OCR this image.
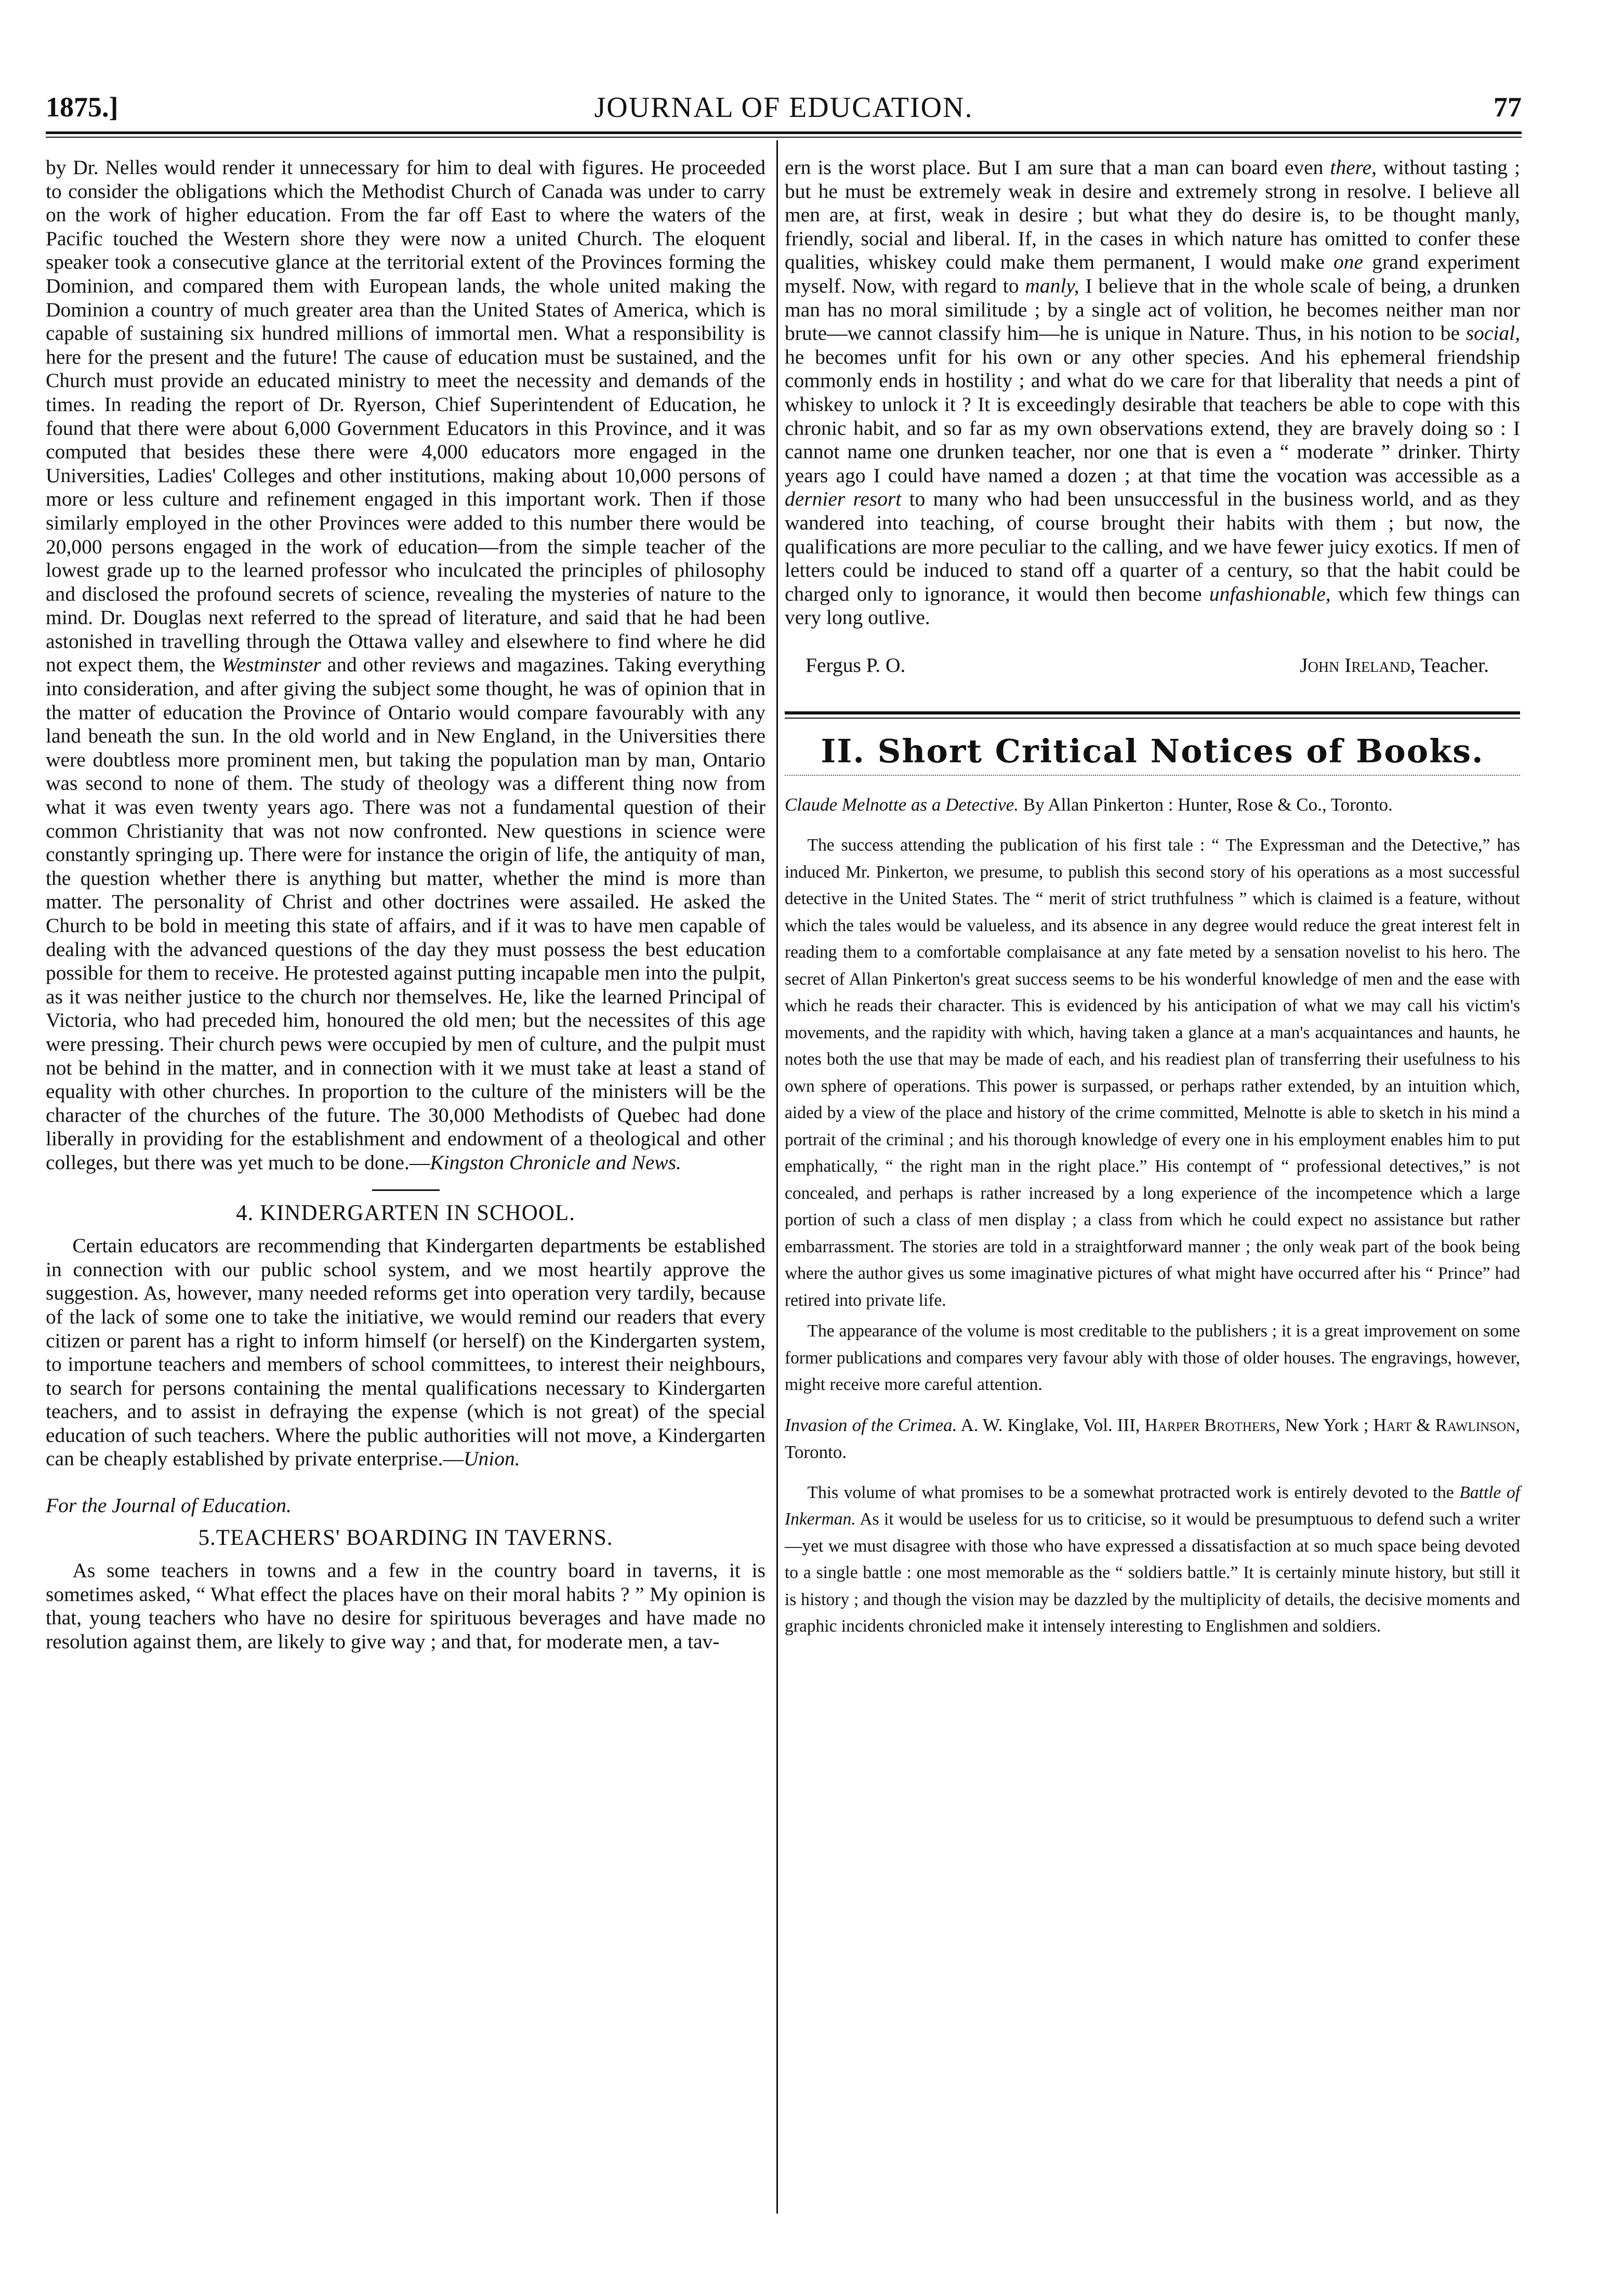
1875.]	JOURNAL OF EDUCATION.	77

by Dr. Nelles would render it unnecessary for him to deal with figures. He proceeded to consider the obligations which the Methodist Church of Canada was under to carry on the work of higher education. From the far off East to where the waters of the Pacific touched the Western shore they were now a united Church. The eloquent speaker took a consecutive glance at the territorial extent of the Provinces forming the Dominion, and compared them with European lands, the whole united making the Dominion a country of much greater area than the United States of America, which is capable of sustaining six hundred millions of immortal men. What a responsibility is here for the present and the future! The cause of education must be sustained, and the Church must provide an educated ministry to meet the necessity and demands of the times. In reading the report of Dr. Ryerson, Chief Superintendent of Education, he found that there were about 6,000 Government Educators in this Province, and it was computed that besides these there were 4,000 educators more engaged in the Universities, Ladies' Colleges and other institutions, making about 10,000 persons of more or less culture and refinement engaged in this important work. Then if those similarly employed in the other Provinces were added to this number there would be 20,000 persons engaged in the work of education—from the simple teacher of the lowest grade up to the learned professor who inculcated the principles of philosophy and disclosed the profound secrets of science, revealing the mysteries of nature to the mind. Dr. Douglas next referred to the spread of literature, and said that he had been astonished in travelling through the Ottawa valley and elsewhere to find where he did not expect them, the Westminster and other reviews and magazines. Taking everything into consideration, and after giving the subject some thought, he was of opinion that in the matter of education the Province of Ontario would compare favourably with any land beneath the sun. In the old world and in New England, in the Universities there were doubtless more prominent men, but taking the population man by man, Ontario was second to none of them. The study of theology was a different thing now from what it was even twenty years ago. There was not a fundamental question of their common Christianity that was not now confronted. New questions in science were constantly springing up. There were for instance the origin of life, the antiquity of man, the question whether there is anything but matter, whether the mind is more than matter. The personality of Christ and other doctrines were assailed. He asked the Church to be bold in meeting this state of affairs, and if it was to have men capable of dealing with the advanced questions of the day they must possess the best education possible for them to receive. He protested against putting incapable men into the pulpit, as it was neither justice to the church nor themselves. He, like the learned Principal of Victoria, who had preceded him, honoured the old men; but the necessites of this age were pressing. Their church pews were occupied by men of culture, and the pulpit must not be behind in the matter, and in connection with it we must take at least a stand of equality with other churches. In proportion to the culture of the ministers will be the character of the churches of the future. The 30,000 Methodists of Quebec had done liberally in providing for the establishment and endowment of a theological and other colleges, but there was yet much to be done.—Kingston Chronicle and News.

4. KINDERGARTEN IN SCHOOL.

Certain educators are recommending that Kindergarten departments be established in connection with our public school system, and we most heartily approve the suggestion. As, however, many needed reforms get into operation very tardily, because of the lack of some one to take the initiative, we would remind our readers that every citizen or parent has a right to inform himself (or herself) on the Kindergarten system, to importune teachers and members of school committees, to interest their neighbours, to search for persons containing the mental qualifications necessary to Kindergarten teachers, and to assist in defraying the expense (which is not great) of the special education of such teachers. Where the public authorities will not move, a Kindergarten can be cheaply established by private enterprise.—Union.

For the Journal of Education.
5.TEACHERS' BOARDING IN TAVERNS.

As some teachers in towns and a few in the country board in taverns, it is sometimes asked, “ What effect the places have on their moral habits ? ” My opinion is that, young teachers who have no desire for spirituous beverages and have made no resolution against them, are likely to give way ; and that, for moderate men, a tav-

ern is the worst place. But I am sure that a man can board even there, without tasting ; but he must be extremely weak in desire and extremely strong in resolve. I believe all men are, at first, weak in desire ; but what they do desire is, to be thought manly, friendly, social and liberal. If, in the cases in which nature has omitted to confer these qualities, whiskey could make them permanent, I would make one grand experiment myself. Now, with regard to manly, I believe that in the whole scale of being, a drunken man has no moral similitude ; by a single act of volition, he becomes neither man nor brute—we cannot classify him—he is unique in Nature. Thus, in his notion to be social, he becomes unfit for his own or any other species. And his ephemeral friendship commonly ends in hostility ; and what do we care for that liberality that needs a pint of whiskey to unlock it ? It is exceedingly desirable that teachers be able to cope with this chronic habit, and so far as my own observations extend, they are bravely doing so : I cannot name one drunken teacher, nor one that is even a “ moderate ” drinker. Thirty years ago I could have named a dozen ; at that time the vocation was accessible as a dernier resort to many who had been unsuccessful in the business world, and as they wandered into teaching, of course brought their habits with them ; but now, the qualifications are more peculiar to the calling, and we have fewer juicy exotics. If men of letters could be induced to stand off a quarter of a century, so that the habit could be charged only to ignorance, it would then become unfashionable, which few things can very long outlive.

Fergus P. O.	John Ireland, Teacher.
II. Short Critical Notices of Books.

Claude Melnotte as a Detective. By Allan Pinkerton : Hunter, Rose & Co., Toronto.

The success attending the publication of his first tale : “ The Expressman and the Detective,” has induced Mr. Pinkerton, we presume, to publish this second story of his operations as a most successful detective in the United States. The “ merit of strict truthfulness ” which is claimed is a feature, without which the tales would be valueless, and its absence in any degree would reduce the great interest felt in reading them to a comfortable complaisance at any fate meted by a sensation novelist to his hero. The secret of Allan Pinkerton's great success seems to be his wonderful knowledge of men and the ease with which he reads their character. This is evidenced by his anticipation of what we may call his victim's movements, and the rapidity with which, having taken a glance at a man's acquaintances and haunts, he notes both the use that may be made of each, and his readiest plan of transferring their usefulness to his own sphere of operations. This power is surpassed, or perhaps rather extended, by an intuition which, aided by a view of the place and history of the crime committed, Melnotte is able to sketch in his mind a portrait of the criminal ; and his thorough knowledge of every one in his employment enables him to put emphatically, “ the right man in the right place.” His contempt of “ professional detectives,” is not concealed, and perhaps is rather increased by a long experience of the incompetence which a large portion of such a class of men display ; a class from which he could expect no assistance but rather embarrassment. The stories are told in a straightforward manner ; the only weak part of the book being where the author gives us some imaginative pictures of what might have occurred after his “ Prince” had retired into private life.

The appearance of the volume is most creditable to the publishers ; it is a great improvement on some former publications and compares very favour ably with those of older houses. The engravings, however, might receive more careful attention.

Invasion of the Crimea. A. W. Kinglake, Vol. III, Harper Brothers, New York ; Hart & Rawlinson, Toronto.

This volume of what promises to be a somewhat protracted work is entirely devoted to the Battle of Inkerman. As it would be useless for us to criticise, so it would be presumptuous to defend such a writer—yet we must disagree with those who have expressed a dissatisfaction at so much space being devoted to a single battle : one most memorable as the “ soldiers battle.” It is certainly minute history, but still it is history ; and though the vision may be dazzled by the multiplicity of details, the decisive moments and graphic incidents chronicled make it intensely interesting to Englishmen and soldiers.
